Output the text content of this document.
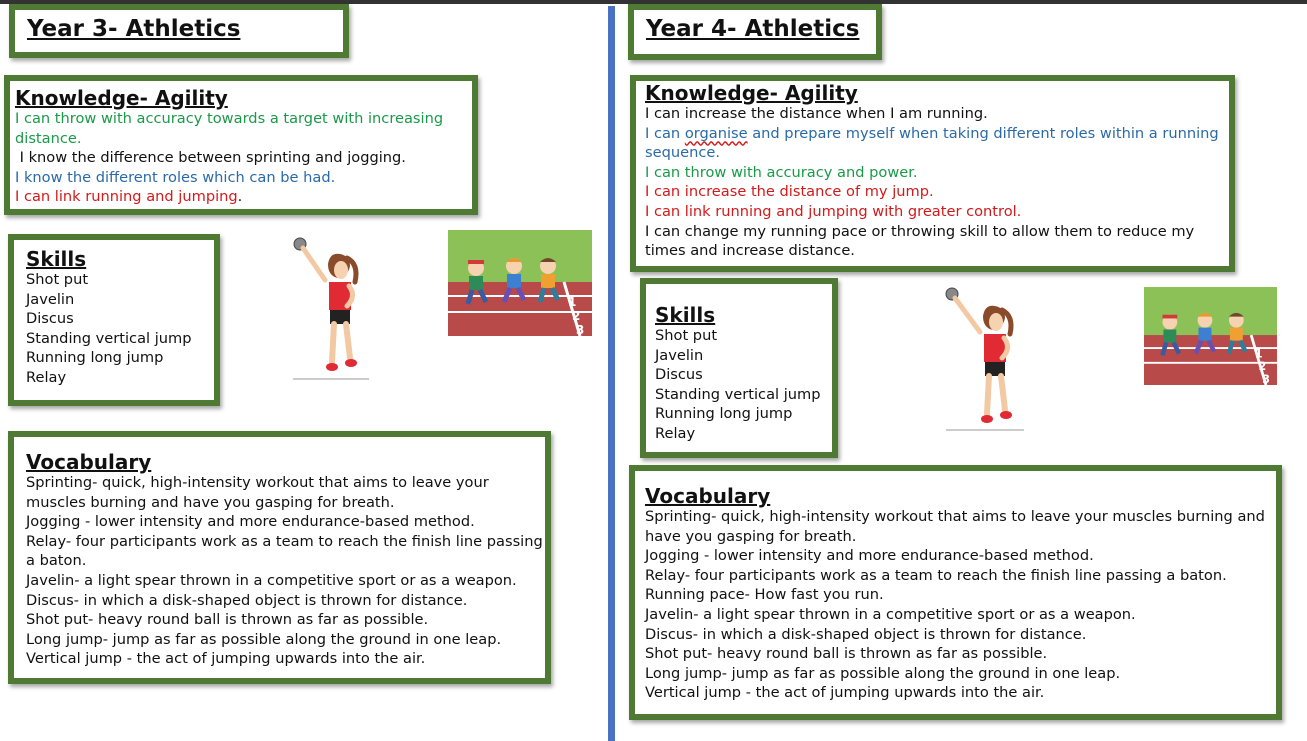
Year 3- Athletics

Knowledge- Agility

I can throw with accuracy towards a target with increasing distance.

I know the difference between sprinting and jogging.

I know the different roles which can be had.

I can link running and jumping.

Skills

Shot put

Javelin

Discus

Standing vertical jump

Running long jump

Relay

1
2
3

Vocabulary

Sprinting- quick, high-intensity workout that aims to leave your muscles burning and have you gasping for breath.

Jogging - lower intensity and more endurance-based method.

Relay- four participants work as a team to reach the finish line passing a baton.

Javelin- a light spear thrown in a competitive sport or as a weapon.

Discus- in which a disk-shaped object is thrown for distance.

Shot put- heavy round ball is thrown as far as possible.

Long jump- jump as far as possible along the ground in one leap.

Vertical jump - the act of jumping upwards into the air.

Year 4- Athletics

Knowledge- Agility

I can increase the distance when I am running.

I can organise and prepare myself when taking different roles within a running sequence.

I can throw with accuracy and power.

I can increase the distance of my jump.

I can link running and jumping with greater control.

I can change my running pace or throwing skill to allow them to reduce my times and increase distance.

Skills

Shot put

Javelin

Discus

Standing vertical jump

Running long jump

Relay

1
2
3

Vocabulary

Sprinting- quick, high-intensity workout that aims to leave your muscles burning and have you gasping for breath.

Jogging - lower intensity and more endurance-based method.

Relay- four participants work as a team to reach the finish line passing a baton.

Running pace- How fast you run.

Javelin- a light spear thrown in a competitive sport or as a weapon.

Discus- in which a disk-shaped object is thrown for distance.

Shot put- heavy round ball is thrown as far as possible.

Long jump- jump as far as possible along the ground in one leap.

Vertical jump - the act of jumping upwards into the air.
